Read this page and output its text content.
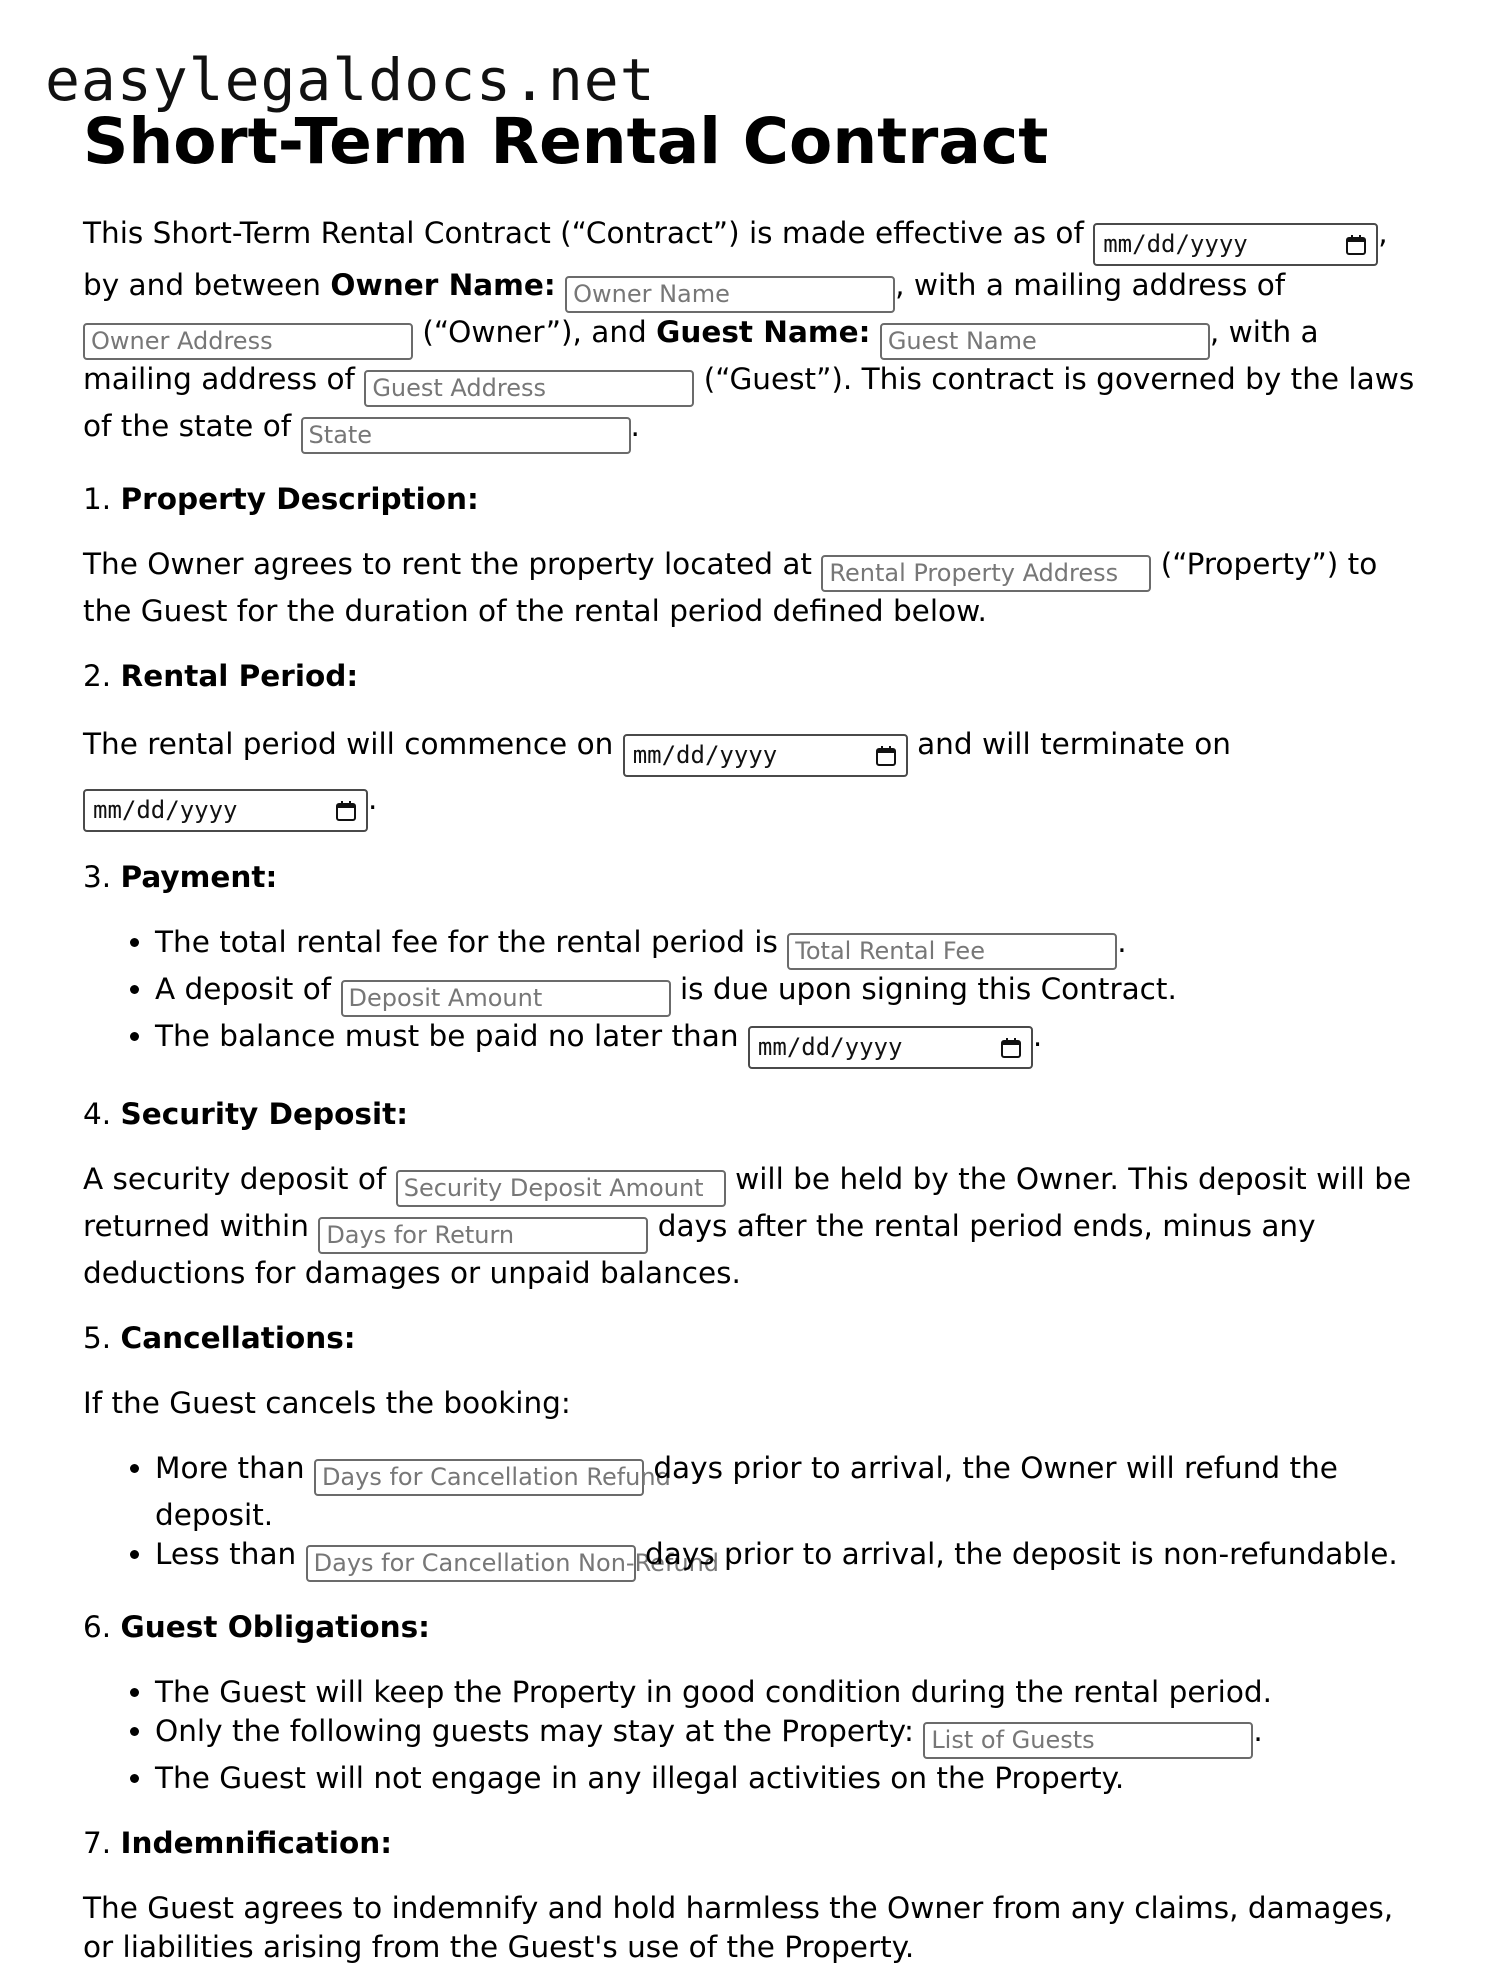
easylegaldocs.net
Short-Term Rental Contract

This Short-Term Rental Contract (“Contract”) is made effective as of mm/dd/yyyy	, by and between Owner Name: Owner Name	, with a mailing address of Owner Address	(“Owner”), and Guest Name: Guest Name	, with a mailing address of Guest Address	(“Guest”). This contract is governed by the laws of the state of State	.

1. Property Description:

The Owner agrees to rent the property located at Rental Property Address (“Property”) to the Guest for the duration of the rental period defined below.

2. Rental Period:

The rental period will commence on mm/dd/yyyy	and will terminate on
mm/dd/yyyy	.

3. Payment:

• The total rental fee for the rental period is Total Rental Fee	.
• A deposit of Deposit Amount	is due upon signing this Contract.
• The balance must be paid no later than mm/dd/yyyy	.

4. Security Deposit:

A security deposit of Security Deposit Amount will be held by the Owner. This deposit will be returned within Days for Return	days after the rental period ends, minus any deductions for damages or unpaid balances.

5. Cancellations:

If the Guest cancels the booking:

• More than Days for Cancellation Refund days prior to arrival, the Owner will refund the deposit.
• Less than Days for Cancellation Non-Refund days prior to arrival, the deposit is non-refundable.

6. Guest Obligations:

• The Guest will keep the Property in good condition during the rental period.
• Only the following guests may stay at the Property: List of Guests	.
• The Guest will not engage in any illegal activities on the Property.

7. Indemnification:

The Guest agrees to indemnify and hold harmless the Owner from any claims, damages, or liabilities arising from the Guest's use of the Property.
